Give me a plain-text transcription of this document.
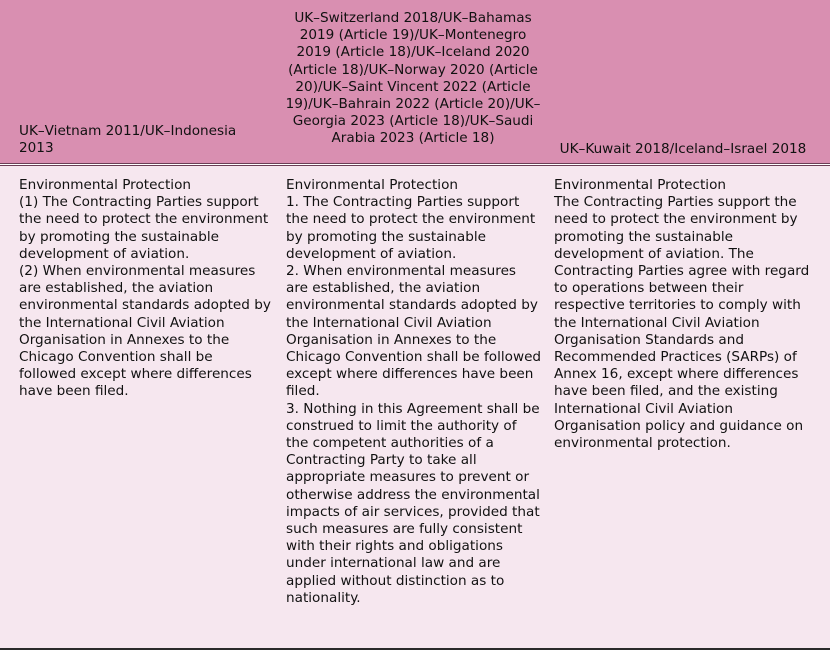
UK–Vietnam 2011/UK–Indonesia 2013
UK–Switzerland 2018/UK–Bahamas 2019 (Article 19)/UK–Montenegro 2019 (Article 18)/UK–Iceland 2020 (Article 18)/UK–Norway 2020 (Article 20)/UK–Saint Vincent 2022 (Article 19)/UK–Bahrain 2022 (Article 20)/UK–Georgia 2023 (Article 18)/UK–Saudi Arabia 2023 (Article 18)
UK–Kuwait 2018/Iceland–Israel 2018
Environmental Protection
(1) The Contracting Parties support the need to protect the environment by promoting the sustainable development of aviation.
(2) When environmental measures are established, the aviation environmental standards adopted by the International Civil Aviation Organisation in Annexes to the Chicago Convention shall be followed except where differences have been filed.
Environmental Protection
1. The Contracting Parties support the need to protect the environment by promoting the sustainable development of aviation.
2. When environmental measures are established, the aviation environmental standards adopted by the International Civil Aviation Organisation in Annexes to the Chicago Convention shall be followed except where differences have been filed.
3. Nothing in this Agreement shall be construed to limit the authority of the competent authorities of a Contracting Party to take all appropriate measures to prevent or otherwise address the environmental impacts of air services, provided that such measures are fully consistent with their rights and obligations under international law and are applied without distinction as to nationality.
Environmental Protection
The Contracting Parties support the need to protect the environment by promoting the sustainable development of aviation. The Contracting Parties agree with regard to operations between their respective territories to comply with the International Civil Aviation Organisation Standards and Recommended Practices (SARPs) of Annex 16, except where differences have been filed, and the existing International Civil Aviation Organisation policy and guidance on environmental protection.
